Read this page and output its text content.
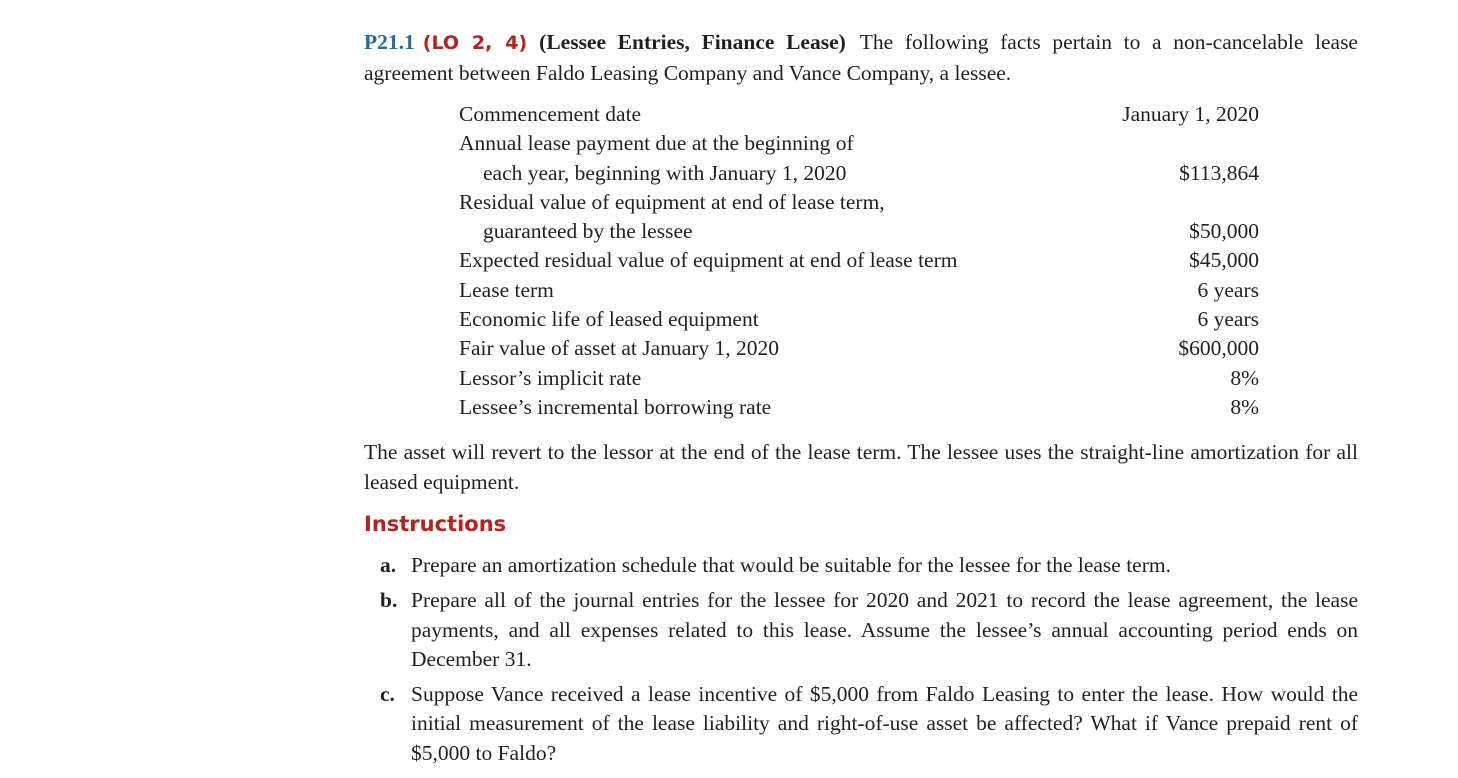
P21.1 (LO 2, 4) (Lessee Entries, Finance Lease) The following facts pertain to a non-cancelable lease agreement between Faldo Leasing Company and Vance Company, a lessee.
Commencement date	January 1, 2020
Annual lease payment due at the beginning of
each year, beginning with January 1, 2020	$113,864
Residual value of equipment at end of lease term,
guaranteed by the lessee	$50,000
Expected residual value of equipment at end of lease term	$45,000
Lease term	6 years
Economic life of leased equipment	6 years
Fair value of asset at January 1, 2020	$600,000
Lessor’s implicit rate	8%
Lessee’s incremental borrowing rate	8%
The asset will revert to the lessor at the end of the lease term. The lessee uses the straight-line amortization for all leased equipment.
Instructions
a. Prepare an amortization schedule that would be suitable for the lessee for the lease term.
b. Prepare all of the journal entries for the lessee for 2020 and 2021 to record the lease agreement, the lease payments, and all expenses related to this lease. Assume the lessee’s annual accounting period ends on December 31.
c. Suppose Vance received a lease incentive of $5,000 from Faldo Leasing to enter the lease. How would the initial measurement of the lease liability and right-of-use asset be affected? What if Vance prepaid rent of $5,000 to Faldo?
